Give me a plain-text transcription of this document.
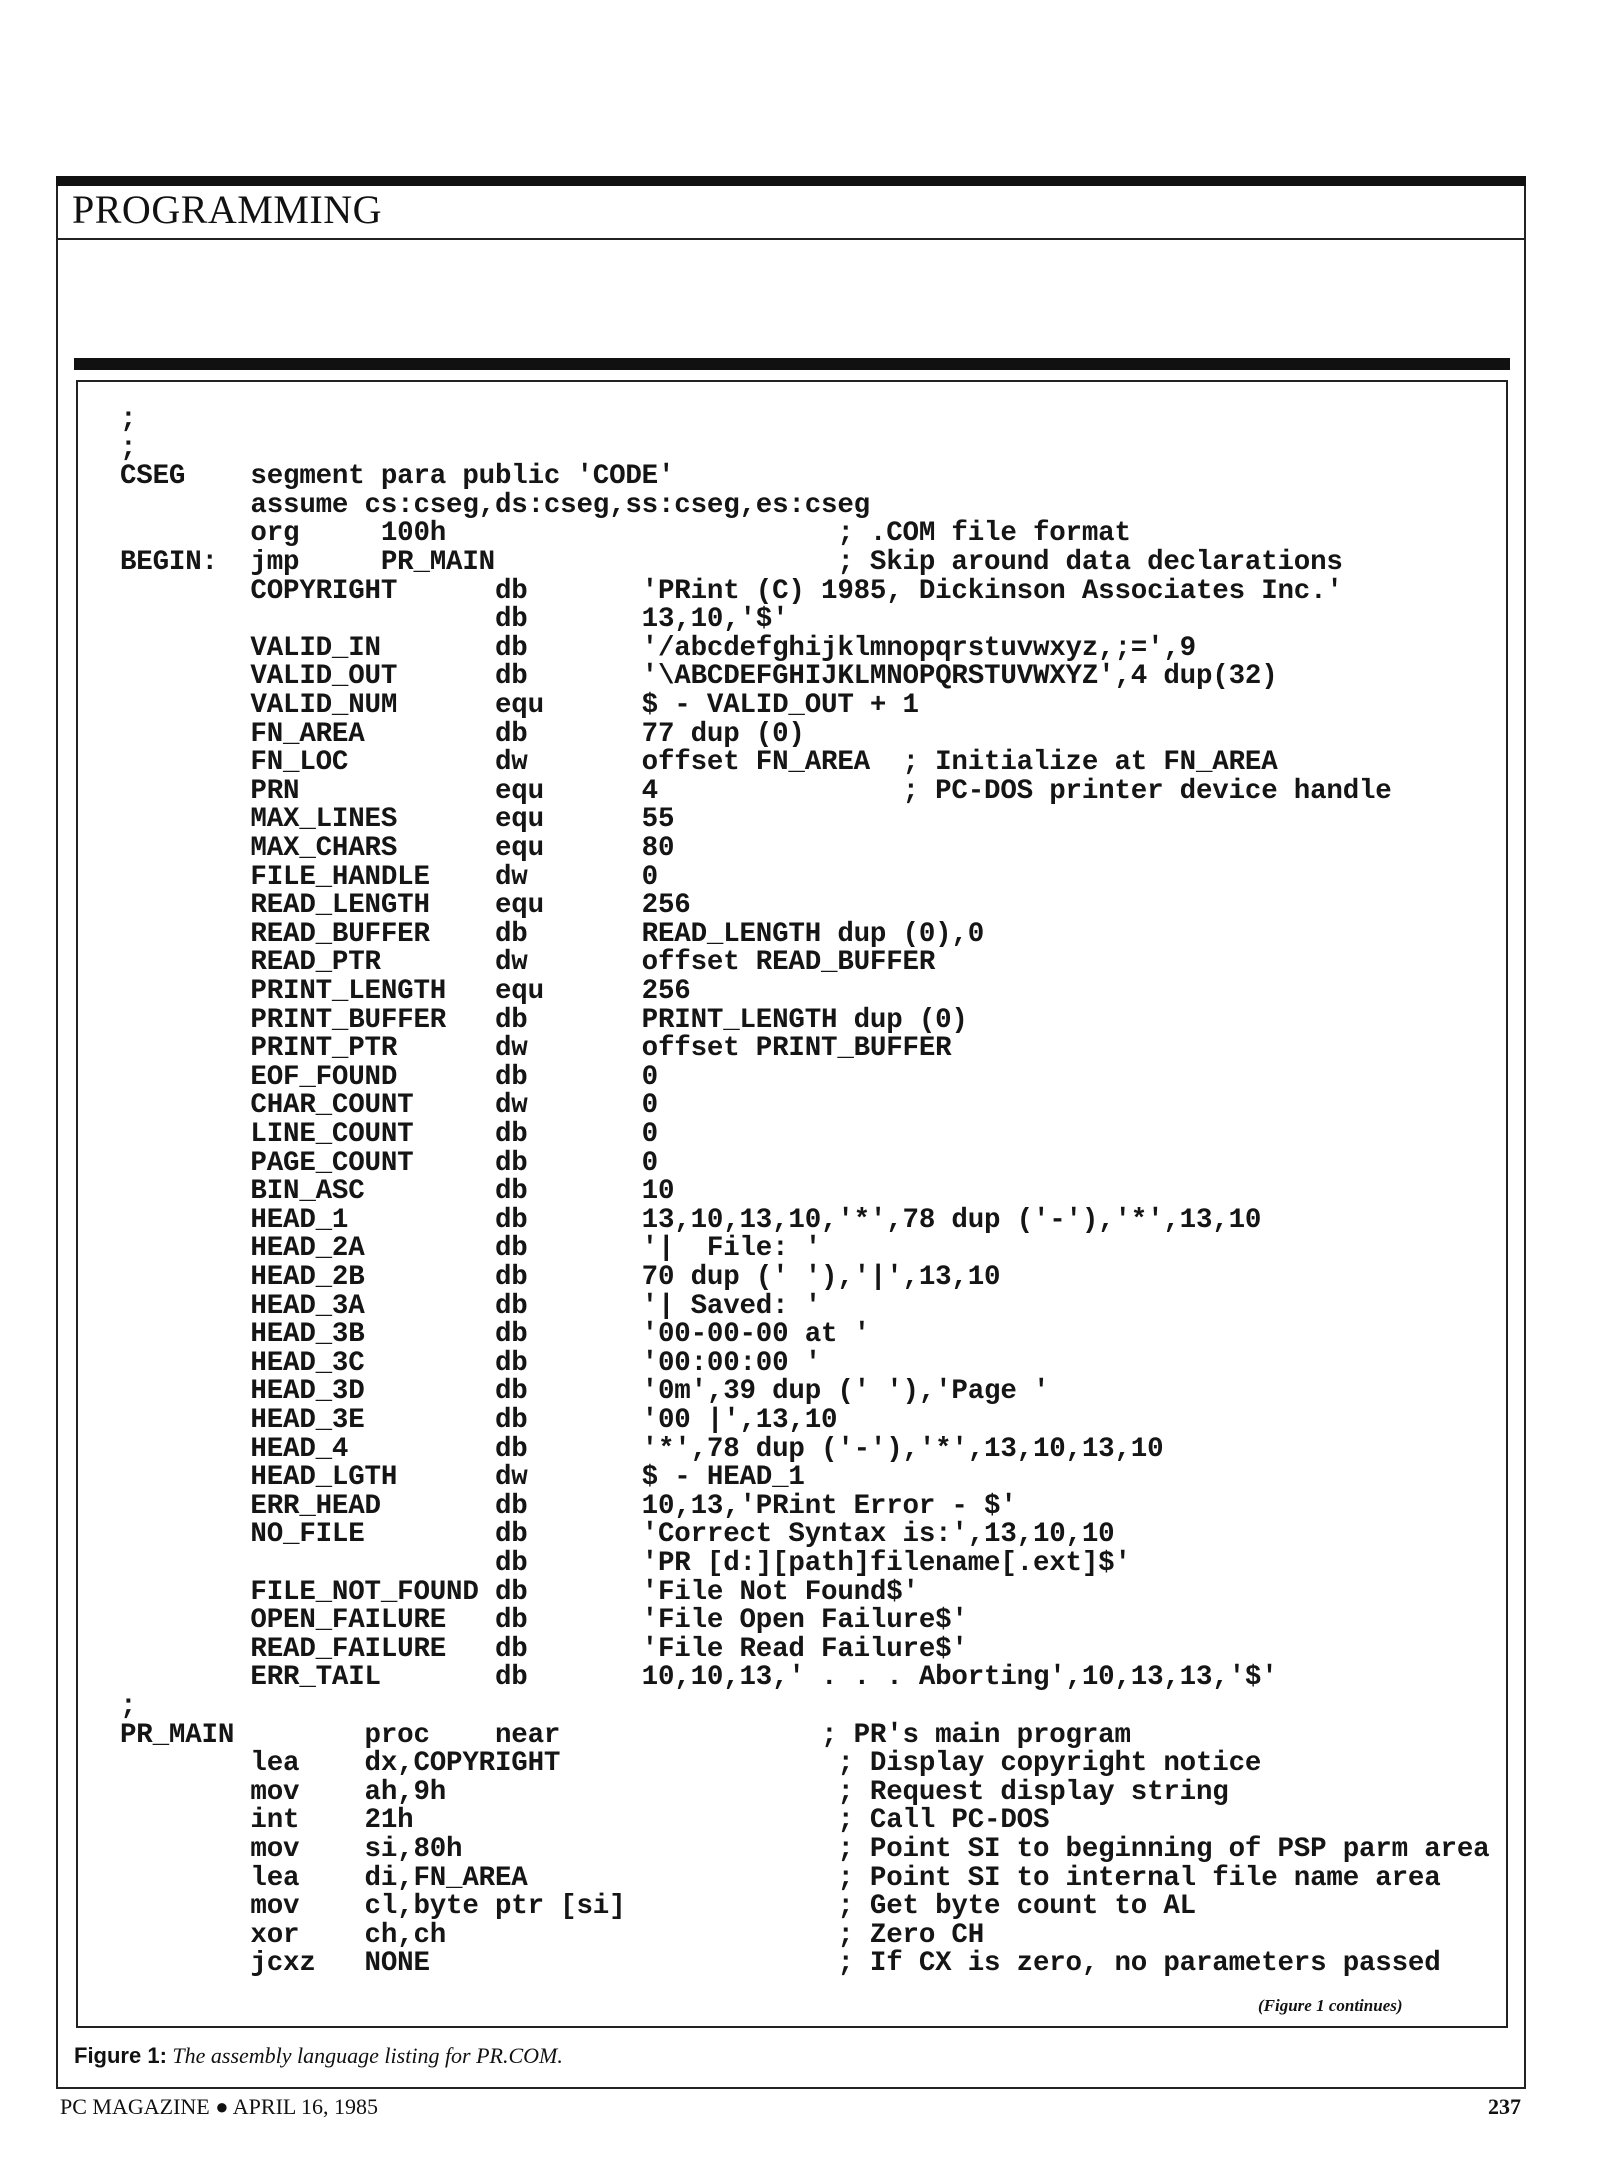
PROGRAMMING
;
;
CSEG    segment para public 'CODE'
assume cs:cseg,ds:cseg,ss:cseg,es:cseg
org     100h                        ; .COM file format
BEGIN:  jmp     PR_MAIN                     ; Skip around data declarations
COPYRIGHT      db       'PRint (C) 1985, Dickinson Associates Inc.'
db       13,10,'$'
VALID_IN       db       '/abcdefghijklmnopqrstuvwxyz,;=',9
VALID_OUT      db       '\ABCDEFGHIJKLMNOPQRSTUVWXYZ',4 dup(32)
VALID_NUM      equ      $ - VALID_OUT + 1
FN_AREA        db       77 dup (0)
FN_LOC         dw       offset FN_AREA  ; Initialize at FN_AREA
PRN            equ      4               ; PC-DOS printer device handle
MAX_LINES      equ      55
MAX_CHARS      equ      80
FILE_HANDLE    dw       0
READ_LENGTH    equ      256
READ_BUFFER    db       READ_LENGTH dup (0),0
READ_PTR       dw       offset READ_BUFFER
PRINT_LENGTH   equ      256
PRINT_BUFFER   db       PRINT_LENGTH dup (0)
PRINT_PTR      dw       offset PRINT_BUFFER
EOF_FOUND      db       0
CHAR_COUNT     dw       0
LINE_COUNT     db       0
PAGE_COUNT     db       0
BIN_ASC        db       10
HEAD_1         db       13,10,13,10,'*',78 dup ('-'),'*',13,10
HEAD_2A        db       '|  File: '
HEAD_2B        db       70 dup (' '),'|',13,10
HEAD_3A        db       '| Saved: '
HEAD_3B        db       '00-00-00 at '
HEAD_3C        db       '00:00:00 '
HEAD_3D        db       '0m',39 dup (' '),'Page '
HEAD_3E        db       '00 |',13,10
HEAD_4         db       '*',78 dup ('-'),'*',13,10,13,10
HEAD_LGTH      dw       $ - HEAD_1
ERR_HEAD       db       10,13,'PRint Error - $'
NO_FILE        db       'Correct Syntax is:',13,10,10
db       'PR [d:][path]filename[.ext]$'
FILE_NOT_FOUND db       'File Not Found$'
OPEN_FAILURE   db       'File Open Failure$'
READ_FAILURE   db       'File Read Failure$'
ERR_TAIL       db       10,10,13,' . . . Aborting',10,13,13,'$'
;
PR_MAIN        proc    near                ; PR's main program
lea    dx,COPYRIGHT                 ; Display copyright notice
mov    ah,9h                        ; Request display string
int    21h                          ; Call PC-DOS
mov    si,80h                       ; Point SI to beginning of PSP parm area
lea    di,FN_AREA                   ; Point SI to internal file name area
mov    cl,byte ptr [si]             ; Get byte count to AL
xor    ch,ch                        ; Zero CH
jcxz   NONE                         ; If CX is zero, no parameters passed
(Figure 1 continues)
Figure 1: The assembly language listing for PR.COM.
PC MAGAZINE ● APRIL 16, 1985	237
